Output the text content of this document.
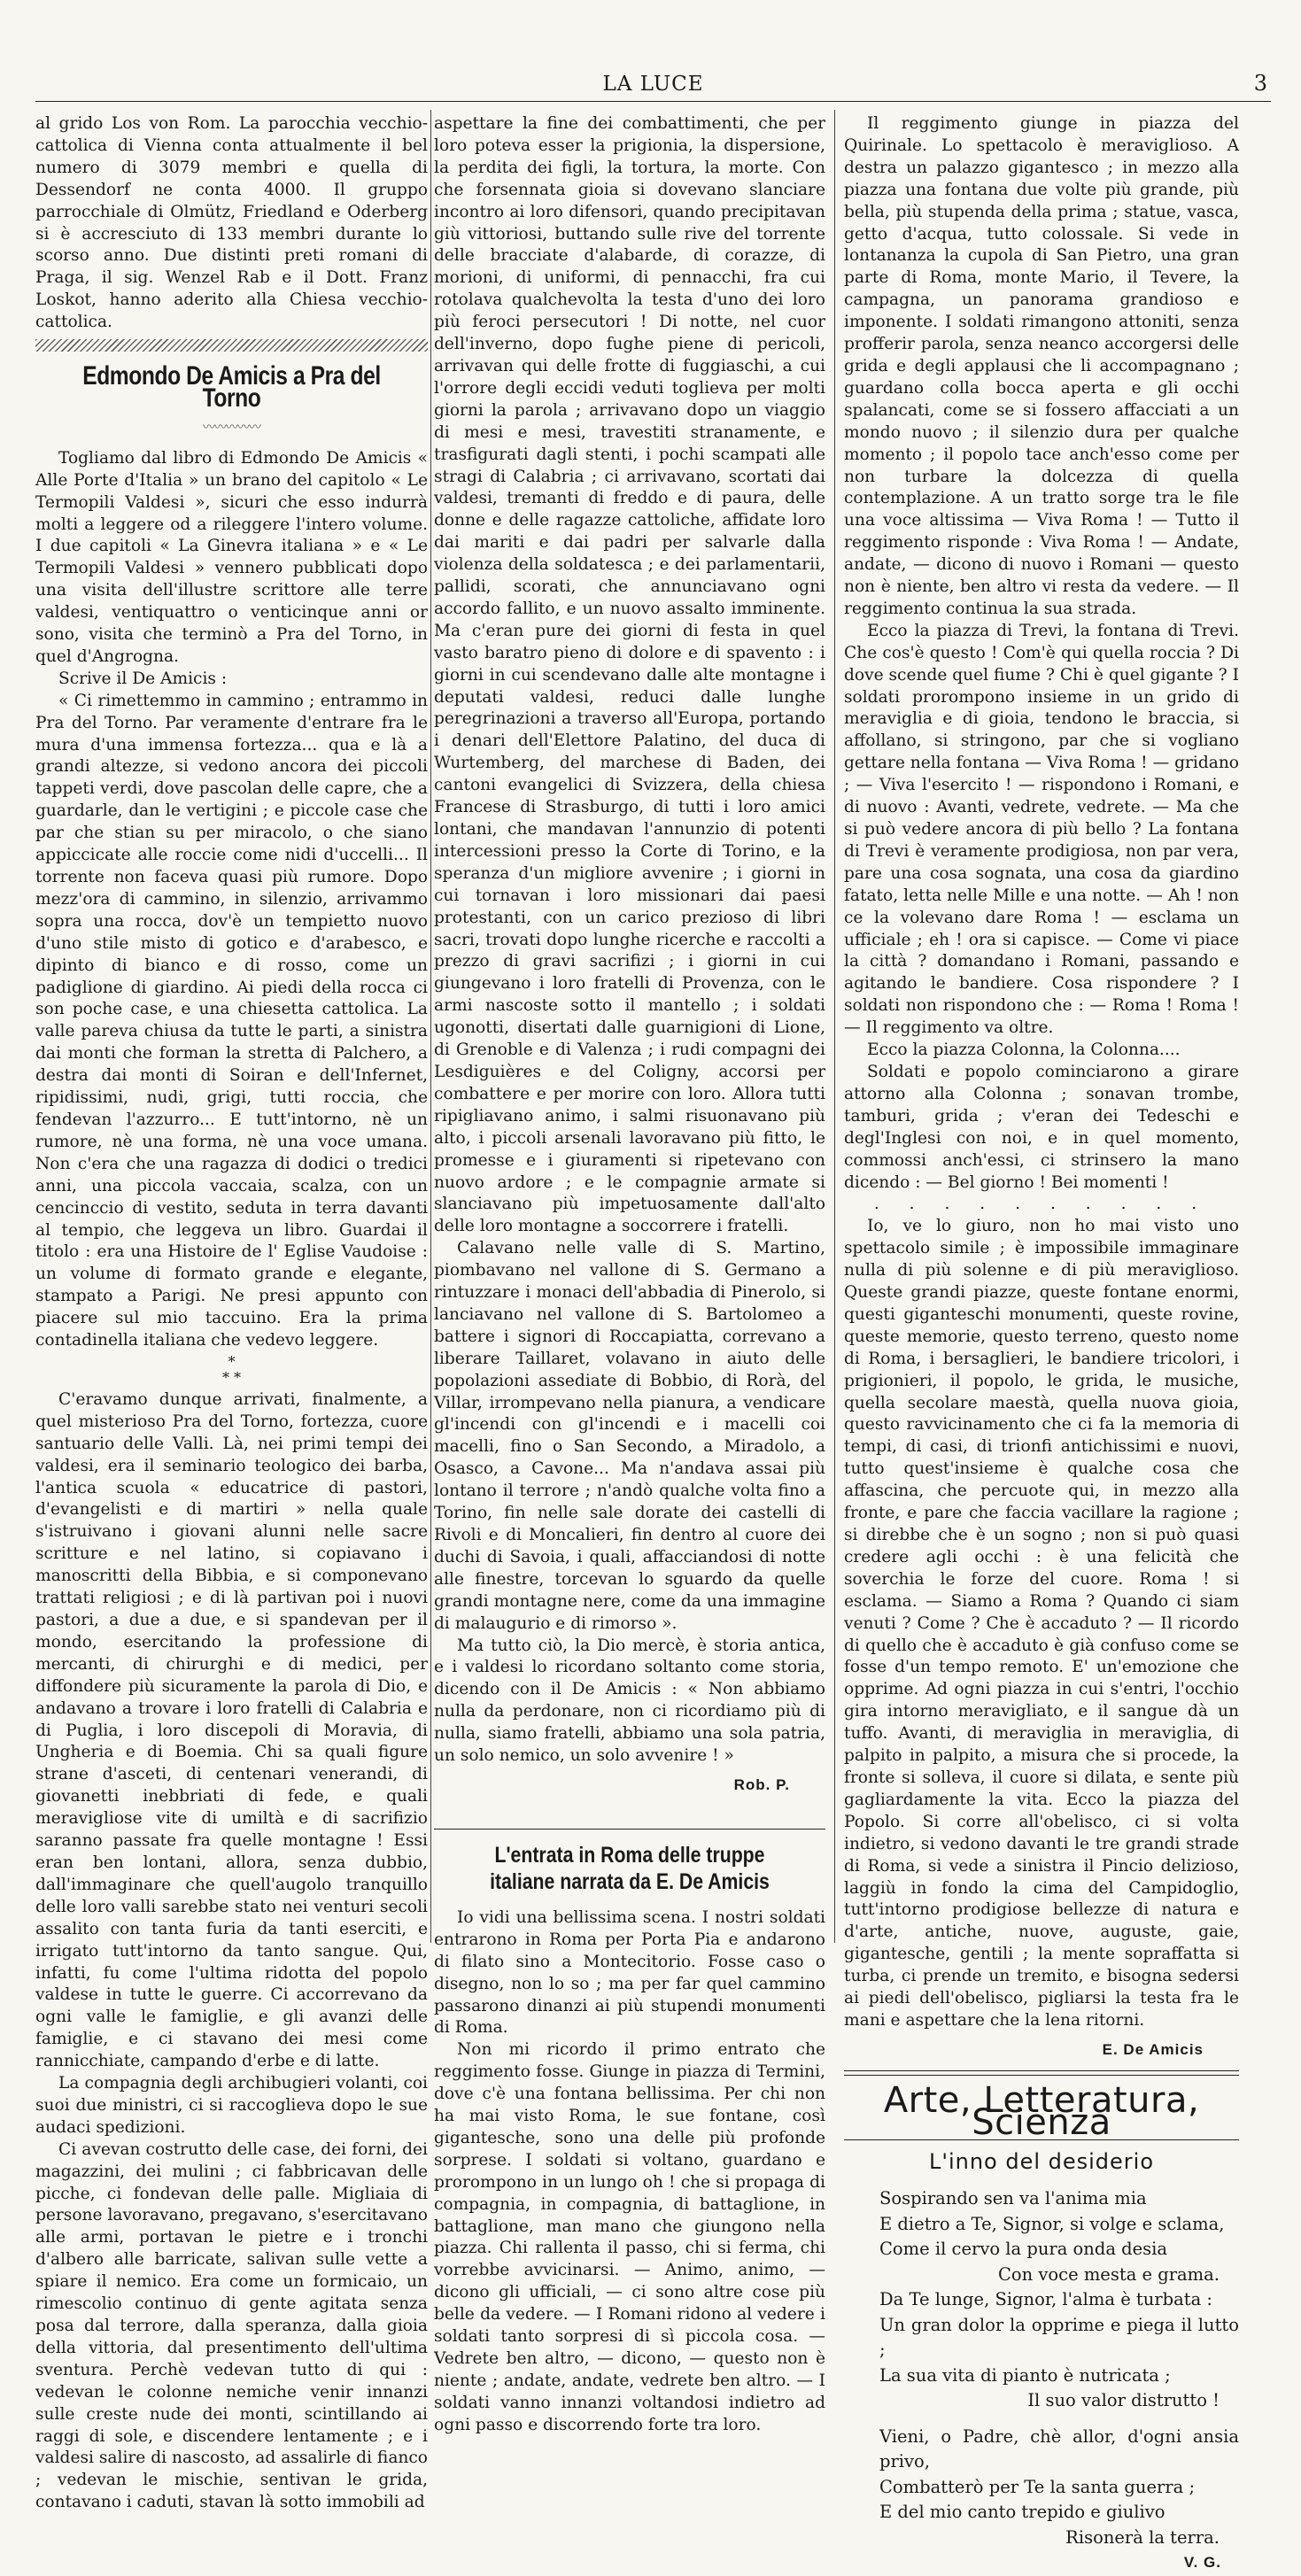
LA LUCE	3

al grido Los von Rom. La parocchia vecchio-cattolica di Vienna conta attualmente il bel numero di 3079 membri e quella di Dessendorf ne conta 4000. Il gruppo parrocchiale di Olmütz, Friedland e Oderberg si è accresciuto di 133 membri durante lo scorso anno. Due distinti preti romani di Praga, il sig. Wenzel Rab e il Dott. Franz Loskot, hanno aderito alla Chiesa vecchio-cattolica.

Edmondo De Amicis a Pra del Torno
〰〰〰〰〰

Togliamo dal libro di Edmondo De Amicis « Alle Porte d'Italia » un brano del capitolo « Le Termopili Valdesi », sicuri che esso indurrà molti a leggere od a rileggere l'intero volume. I due capitoli « La Ginevra italiana » e « Le Termopili Valdesi » vennero pubblicati dopo una visita dell'illustre scrittore alle terre valdesi, ventiquattro o venticinque anni or sono, visita che terminò a Pra del Torno, in quel d'Angrogna.

Scrive il De Amicis :

« Ci rimettemmo in cammino ; entrammo in Pra del Torno. Par veramente d'entrare fra le mura d'una immensa fortezza... qua e là a grandi altezze, si vedono ancora dei piccoli tappeti verdi, dove pascolan delle capre, che a guardarle, dan le vertigini ; e piccole case che par che stian su per miracolo, o che siano appiccicate alle roccie come nidi d'uccelli... Il torrente non faceva quasi più rumore. Dopo mezz'ora di cammino, in silenzio, arrivammo sopra una rocca, dov'è un tempietto nuovo d'uno stile misto di gotico e d'arabesco, e dipinto di bianco e di rosso, come un padiglione di giardino. Ai piedi della rocca ci son poche case, e una chiesetta cattolica. La valle pareva chiusa da tutte le parti, a sinistra dai monti che forman la stretta di Palchero, a destra dai monti di Soiran e dell'Infernet, ripidissimi, nudi, grigi, tutti roccia, che fendevan l'azzurro... E tutt'intorno, nè un rumore, nè una forma, nè una voce umana. Non c'era che una ragazza di dodici o tredici anni, una piccola vaccaia, scalza, con un cencinccio di vestito, seduta in terra davanti al tempio, che leggeva un libro. Guardai il titolo : era una Histoire de l' Eglise Vaudoise : un volume di formato grande e elegante, stampato a Parigi. Ne presi appunto con piacere sul mio taccuino. Era la prima contadinella italiana che vedevo leggere.

*
* *

C'eravamo dunque arrivati, finalmente, a quel misterioso Pra del Torno, fortezza, cuore santuario delle Valli. Là, nei primi tempi dei valdesi, era il seminario teologico dei barba, l'antica scuola « educatrice di pastori, d'evangelisti e di martiri » nella quale s'istruivano i giovani alunni nelle sacre scritture e nel latino, si copiavano i manoscritti della Bibbia, e si componevano trattati religiosi ; e di là partivan poi i nuovi pastori, a due a due, e si spandevan per il mondo, esercitando la professione di mercanti, di chirurghi e di medici, per diffondere più sicuramente la parola di Dio, e andavano a trovare i loro fratelli di Calabria e di Puglia, i loro discepoli di Moravia, di Ungheria e di Boemia. Chi sa quali figure strane d'asceti, di centenari venerandi, di giovanetti inebbriati di fede, e quali meravigliose vite di umiltà e di sacrifizio saranno passate fra quelle montagne ! Essi eran ben lontani, allora, senza dubbio, dall'immaginare che quell'augolo tranquillo delle loro valli sarebbe stato nei venturi secoli assalito con tanta furia da tanti eserciti, e irrigato tutt'intorno da tanto sangue. Qui, infatti, fu come l'ultima ridotta del popolo valdese in tutte le guerre. Ci accorrevano da ogni valle le famiglie, e gli avanzi delle famiglie, e ci stavano dei mesi come rannicchiate, campando d'erbe e di latte.

La compagnia degli archibugieri volanti, coi suoi due ministri, ci si raccoglieva dopo le sue audaci spedizioni.

Ci avevan costrutto delle case, dei forni, dei magazzini, dei mulini ; ci fabbricavan delle picche, ci fondevan delle palle. Migliaia di persone lavoravano, pregavano, s'esercitavano alle armi, portavan le pietre e i tronchi d'albero alle barricate, salivan sulle vette a spiare il nemico. Era come un formicaio, un rimescolio continuo di gente agitata senza posa dal terrore, dalla speranza, dalla gioia della vittoria, dal presentimento dell'ultima sventura. Perchè vedevan tutto di qui : vedevan le colonne nemiche venir innanzi sulle creste nude dei monti, scintillando ai raggi di sole, e discendere lentamente ; e i valdesi salire di nascosto, ad assalirle di fianco ; vedevan le mischie, sentivan le grida, contavano i caduti, stavan là sotto immobili ad

aspettare la fine dei combattimenti, che per loro poteva esser la prigionia, la dispersione, la perdita dei figli, la tortura, la morte. Con che forsennata gioia si dovevano slanciare incontro ai loro difensori, quando precipitavan giù vittoriosi, buttando sulle rive del torrente delle bracciate d'alabarde, di corazze, di morioni, di uniformi, di pennacchi, fra cui rotolava qualchevolta la testa d'uno dei loro più feroci persecutori ! Di notte, nel cuor dell'inverno, dopo fughe piene di pericoli, arrivavan qui delle frotte di fuggiaschi, a cui l'orrore degli eccidi veduti toglieva per molti giorni la parola ; arrivavano dopo un viaggio di mesi e mesi, travestiti stranamente, e trasfigurati dagli stenti, i pochi scampati alle stragi di Calabria ; ci arrivavano, scortati dai valdesi, tremanti di freddo e di paura, delle donne e delle ragazze cattoliche, affidate loro dai mariti e dai padri per salvarle dalla violenza della soldatesca ; e dei parlamentarii, pallidi, scorati, che annunciavano ogni accordo fallito, e un nuovo assalto imminente. Ma c'eran pure dei giorni di festa in quel vasto baratro pieno di dolore e di spavento : i giorni in cui scendevano dalle alte montagne i deputati valdesi, reduci dalle lunghe peregrinazioni a traverso all'Europa, portando i denari dell'Elettore Palatino, del duca di Wurtemberg, del marchese di Baden, dei cantoni evangelici di Svizzera, della chiesa Francese di Strasburgo, di tutti i loro amici lontani, che mandavan l'annunzio di potenti intercessioni presso la Corte di Torino, e la speranza d'un migliore avvenire ; i giorni in cui tornavan i loro missionari dai paesi protestanti, con un carico prezioso di libri sacri, trovati dopo lunghe ricerche e raccolti a prezzo di gravi sacrifizi ; i giorni in cui giungevano i loro fratelli di Provenza, con le armi nascoste sotto il mantello ; i soldati ugonotti, disertati dalle guarnigioni di Lione, di Grenoble e di Valenza ; i rudi compagni dei Lesdiguières e del Coligny, accorsi per combattere e per morire con loro. Allora tutti ripigliavano animo, i salmi risuonavano più alto, i piccoli arsenali lavoravano più fitto, le promesse e i giuramenti si ripetevano con nuovo ardore ; e le compagnie armate si slanciavano più impetuosamente dall'alto delle loro montagne a soccorrere i fratelli.

Calavano nelle valle di S. Martino, piombavano nel vallone di S. Germano a rintuzzare i monaci dell'abbadia di Pinerolo, si lanciavano nel vallone di S. Bartolomeo a battere i signori di Roccapiatta, correvano a liberare Taillaret, volavano in aiuto delle popolazioni assediate di Bobbio, di Rorà, del Villar, irrompevano nella pianura, a vendicare gl'incendi con gl'incendi e i macelli coi macelli, fino o San Secondo, a Miradolo, a Osasco, a Cavone... Ma n'andava assai più lontano il terrore ; n'andò qualche volta fino a Torino, fin nelle sale dorate dei castelli di Rivoli e di Moncalieri, fin dentro al cuore dei duchi di Savoia, i quali, affacciandosi di notte alle finestre, torcevan lo sguardo da quelle grandi montagne nere, come da una immagine di malaugurio e di rimorso ».

Ma tutto ciò, la Dio mercè, è storia antica, e i valdesi lo ricordano soltanto come storia, dicendo con il De Amicis : « Non abbiamo nulla da perdonare, non ci ricordiamo più di nulla, siamo fratelli, abbiamo una sola patria, un solo nemico, un solo avvenire ! »

Rob. P.
L'entrata in Roma delle truppe italiane narrata da E. De Amicis

Io vidi una bellissima scena. I nostri soldati entrarono in Roma per Porta Pia e andarono di filato sino a Montecitorio. Fosse caso o disegno, non lo so ; ma per far quel cammino passarono dinanzi ai più stupendi monumenti di Roma.

Non mi ricordo il primo entrato che reggimento fosse. Giunge in piazza di Termini, dove c'è una fontana bellissima. Per chi non ha mai visto Roma, le sue fontane, così gigantesche, sono una delle più profonde sorprese. I soldati si voltano, guardano e prorompono in un lungo oh ! che si propaga di compagnia, in compagnia, di battaglione, in battaglione, man mano che giungono nella piazza. Chi rallenta il passo, chi si ferma, chi vorrebbe avvicinarsi. — Animo, animo, — dicono gli ufficiali, — ci sono altre cose più belle da vedere. — I Romani ridono al vedere i soldati tanto sorpresi di sì piccola cosa. — Vedrete ben altro, — dicono, — questo non è niente ; andate, andate, vedrete ben altro. — I soldati vanno innanzi voltandosi indietro ad ogni passo e discorrendo forte tra loro.

Il reggimento giunge in piazza del Quirinale. Lo spettacolo è meraviglioso. A destra un palazzo gigantesco ; in mezzo alla piazza una fontana due volte più grande, più bella, più stupenda della prima ; statue, vasca, getto d'acqua, tutto colossale. Si vede in lontananza la cupola di San Pietro, una gran parte di Roma, monte Mario, il Tevere, la campagna, un panorama grandioso e imponente. I soldati rimangono attoniti, senza profferir parola, senza neanco accorgersi delle grida e degli applausi che li accompagnano ; guardano colla bocca aperta e gli occhi spalancati, come se si fossero affacciati a un mondo nuovo ; il silenzio dura per qualche momento ; il popolo tace anch'esso come per non turbare la dolcezza di quella contemplazione. A un tratto sorge tra le file una voce altissima — Viva Roma ! — Tutto il reggimento risponde : Viva Roma ! — Andate, andate, — dicono di nuovo i Romani — questo non è niente, ben altro vi resta da vedere. — Il reggimento continua la sua strada.

Ecco la piazza di Trevi, la fontana di Trevi. Che cos'è questo ! Com'è qui quella roccia ? Di dove scende quel fiume ? Chi è quel gigante ? I soldati prorompono insieme in un grido di meraviglia e di gioia, tendono le braccia, si affollano, si stringono, par che si vogliano gettare nella fontana — Viva Roma ! — gridano ; — Viva l'esercito ! — rispondono i Romani, e di nuovo : Avanti, vedrete, vedrete. — Ma che si può vedere ancora di più bello ? La fontana di Trevi è veramente prodigiosa, non par vera, pare una cosa sognata, una cosa da giardino fatato, letta nelle Mille e una notte. — Ah ! non ce la volevano dare Roma ! — esclama un ufficiale ; eh ! ora si capisce. — Come vi piace la città ? domandano i Romani, passando e agitando le bandiere. Cosa rispondere ? I soldati non rispondono che : — Roma ! Roma ! — Il reggimento va oltre.

Ecco la piazza Colonna, la Colonna....

Soldati e popolo cominciarono a girare attorno alla Colonna ; sonavan trombe, tamburi, grida ; v'eran dei Tedeschi e degl'Inglesi con noi, e in quel momento, commossi anch'essi, ci strinsero la mano dicendo : — Bel giorno ! Bei momenti !

. . . . . . . . . .

Io, ve lo giuro, non ho mai visto uno spettacolo simile ; è impossibile immaginare nulla di più solenne e di più meraviglioso. Queste grandi piazze, queste fontane enormi, questi giganteschi monumenti, queste rovine, queste memorie, questo terreno, questo nome di Roma, i bersaglieri, le bandiere tricolori, i prigionieri, il popolo, le grida, le musiche, quella secolare maestà, quella nuova gioia, questo ravvicinamento che ci fa la memoria di tempi, di casi, di trionfi antichissimi e nuovi, tutto quest'insieme è qualche cosa che affascina, che percuote qui, in mezzo alla fronte, e pare che faccia vacillare la ragione ; si direbbe che è un sogno ; non si può quasi credere agli occhi : è una felicità che soverchia le forze del cuore. Roma ! si esclama. — Siamo a Roma ? Quando ci siam venuti ? Come ? Che è accaduto ? — Il ricordo di quello che è accaduto è già confuso come se fosse d'un tempo remoto. E' un'emozione che opprime. Ad ogni piazza in cui s'entri, l'occhio gira intorno meravigliato, e il sangue dà un tuffo. Avanti, di meraviglia in meraviglia, di palpito in palpito, a misura che si procede, la fronte si solleva, il cuore si dilata, e sente più gagliardamente la vita. Ecco la piazza del Popolo. Si corre all'obelisco, ci si volta indietro, si vedono davanti le tre grandi strade di Roma, si vede a sinistra il Pincio delizioso, laggiù in fondo la cima del Campidoglio, tutt'intorno prodigiose bellezze di natura e d'arte, antiche, nuove, auguste, gaie, gigantesche, gentili ; la mente sopraffatta si turba, ci prende un tremito, e bisogna sedersi ai piedi dell'obelisco, pigliarsi la testa fra le mani e aspettare che la lena ritorni.

E. De Amicis
Arte, Letteratura, Scienza
L'inno del desiderio
Sospirando sen va l'anima mia
E dietro a Te, Signor, si volge e sclama,
Come il cervo la pura onda desia
Con voce mesta e grama.
Da Te lunge, Signor, l'alma è turbata :
Un gran dolor la opprime e piega il lutto ;
La sua vita di pianto è nutricata ;
Il suo valor distrutto !
Vieni, o Padre, chè allor, d'ogni ansia privo,
Combatterò per Te la santa guerra ;
E del mio canto trepido e giulivo
Risonerà la terra.
V. G.
